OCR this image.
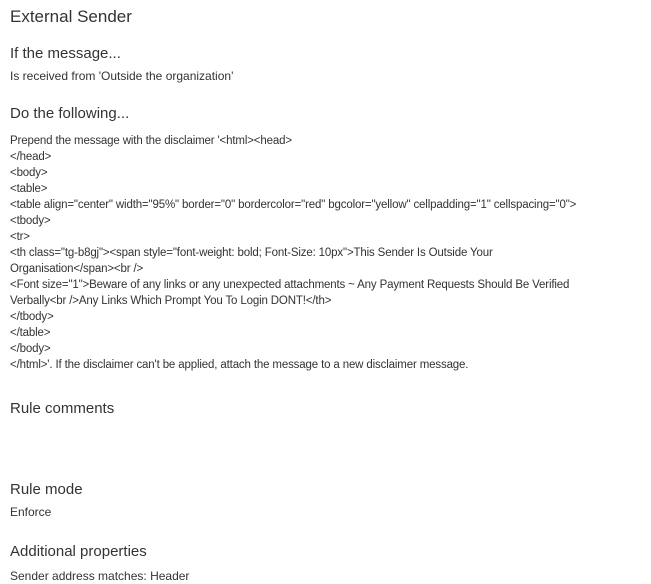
External Sender
If the message...

Is received from 'Outside the organization'

Do the following...
Prepend the message with the disclaimer '<html><head>
</head>
<body>
<table>
<table align="center" width="95%" border="0" bordercolor="red" bgcolor="yellow" cellpadding="1" cellspacing="0">
<tbody>
<tr>
<th class="tg-b8gj"><span style="font-weight: bold; Font-Size: 10px">This Sender Is Outside Your
Organisation</span><br />
<Font size="1">Beware of any links or any unexpected attachments ~ Any Payment Requests Should Be Verified
Verbally<br />Any Links Which Prompt You To Login DONT!</th>
</tbody>
</table>
</body>
</html>'. If the disclaimer can't be applied, attach the message to a new disclaimer message.
Rule comments

Rule mode

Enforce

Additional properties

Sender address matches: Header
